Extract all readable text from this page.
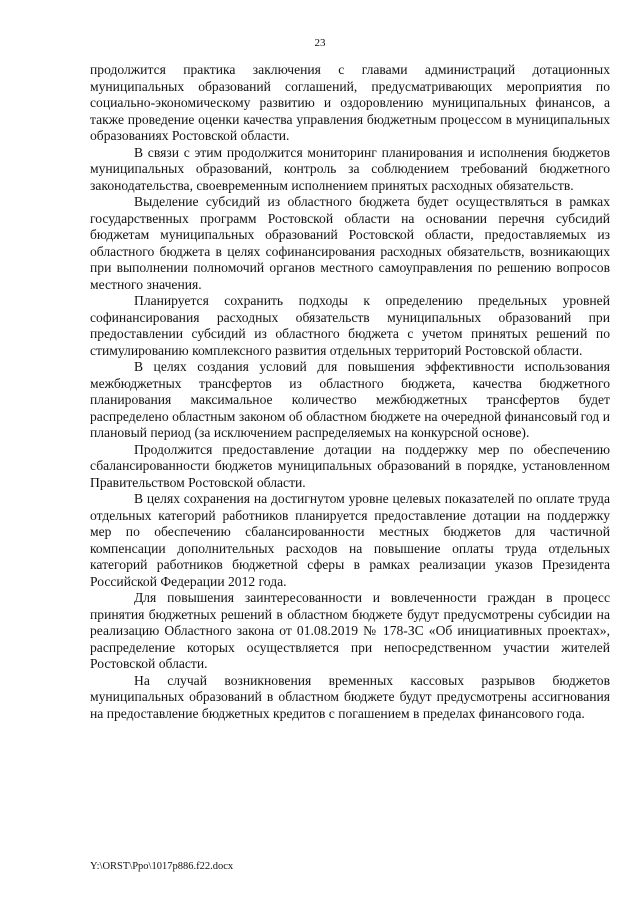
23

продолжится практика заключения с главами администраций дотационных муниципальных образований соглашений, предусматривающих мероприятия по социально-экономическому развитию и оздоровлению муниципальных финансов, а также проведение оценки качества управления бюджетным процессом в муниципальных образованиях Ростовской области.

В связи с этим продолжится мониторинг планирования и исполнения бюджетов муниципальных образований, контроль за соблюдением требований бюджетного законодательства, своевременным исполнением принятых расходных обязательств.

Выделение субсидий из областного бюджета будет осуществляться в рамках государственных программ Ростовской области на основании перечня субсидий бюджетам муниципальных образований Ростовской области, предоставляемых из областного бюджета в целях софинансирования расходных обязательств, возникающих при выполнении полномочий органов местного самоуправления по решению вопросов местного значения.

Планируется сохранить подходы к определению предельных уровней софинансирования расходных обязательств муниципальных образований при предоставлении субсидий из областного бюджета с учетом принятых решений по стимулированию комплексного развития отдельных территорий Ростовской области.

В целях создания условий для повышения эффективности использования межбюджетных трансфертов из областного бюджета, качества бюджетного планирования максимальное количество межбюджетных трансфертов будет распределено областным законом об областном бюджете на очередной финансовый год и плановый период (за исключением распределяемых на конкурсной основе).

Продолжится предоставление дотации на поддержку мер по обеспечению сбалансированности бюджетов муниципальных образований в порядке, установленном Правительством Ростовской области.

В целях сохранения на достигнутом уровне целевых показателей по оплате труда отдельных категорий работников планируется предоставление дотации на поддержку мер по обеспечению сбалансированности местных бюджетов для частичной компенсации дополнительных расходов на повышение оплаты труда отдельных категорий работников бюджетной сферы в рамках реализации указов Президента Российской Федерации 2012 года.

Для повышения заинтересованности и вовлеченности граждан в процесс принятия бюджетных решений в областном бюджете будут предусмотрены субсидии на реализацию Областного закона от 01.08.2019 № 178-ЗС «Об инициативных проектах», распределение которых осуществляется при непосредственном участии жителей Ростовской области.

На случай возникновения временных кассовых разрывов бюджетов муниципальных образований в областном бюджете будут предусмотрены ассигнования на предоставление бюджетных кредитов с погашением в пределах финансового года.

Y:\ORST\Ppo\1017p886.f22.docx
